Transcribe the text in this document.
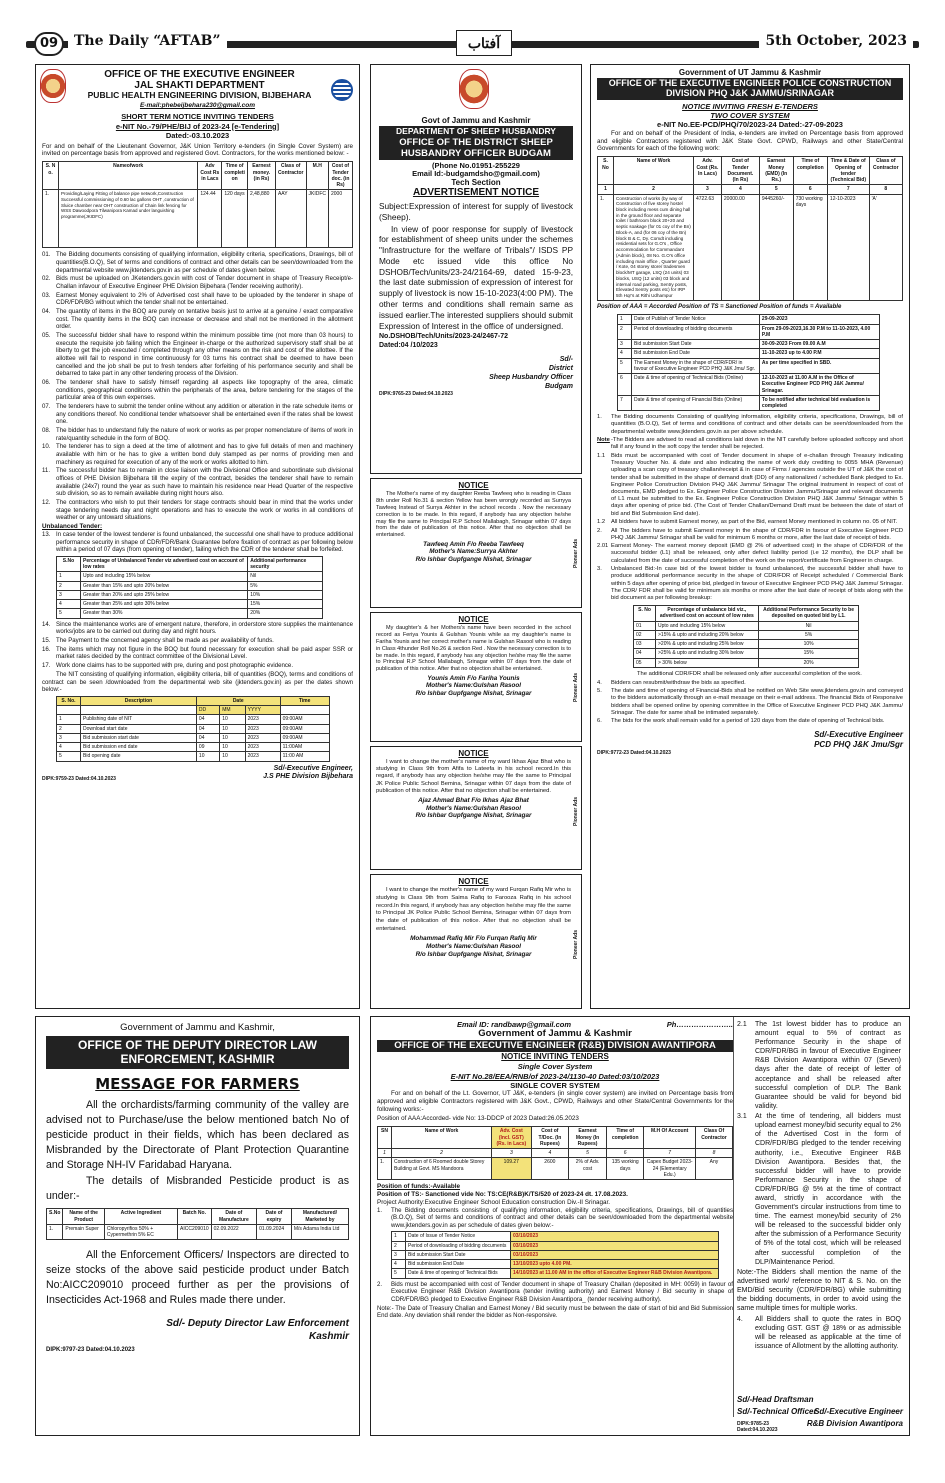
09	The Daily “AFTAB”	آفتاب	5th October, 2023
OFFICE OF THE EXECUTIVE ENGINEER
JAL SHAKTI DEPARTMENT
PUBLIC HEALTH ENGINEERING DIVISION, BIJBEHARA
E-mail:phebeijbehara230@gmail.com
SHORT TERM NOTICE INVITING TENDERS
e-NIT No.-79/PHE/BIJ of 2023-24 [e-Tendering]
Dated:-03.10.2023

For and on behalf of the Lieutenant Governor, J&K Union Territory e-tenders (in Single Cover System) are invited on percentage basis from approved and registered Govt. Contractors, for the works mentioned below: -

S. N o.	Nameofwork	Adv Cost Rs in Lacs	Time of completi on	Earnest money. (in Rs)	Class of Contractor	M.H	Cost of Tender doc. (in Rs)
1.	Providing/Laying Fitting of balance pipe network,Construction Successful commissioning of 0.60 lac gallons OHT ,construction of Sluice chamber near OHT construction of Chain link fencing for WSS Dawoodpora Tilwanipora Kamad under languishing programme(JKIDFC)	124.44	120 days	2,48,880	AAY	JKIDFC	2000
01. The Bidding documents consisting of qualifying information, eligibility criteria, specifications, Drawings, bill of quantities(B.O.Q), Set of terms and conditions of contract and other details can be seen/downloaded from the departmental website www.jktenders.gov.in as per schedule of dates given below.
02. Bids must be uploaded on JKetenders.gov.in with cost of Tender document in shape of Treasury Receipt/e-Challan infavour of Executive Engineer PHE Division Bijbehara (Tender receiving authority).
03. Earnest Money equivalent to 2% of Advertised cost shall have to be uploaded by the tenderer in shape of CDR/FDR/BG without which the tender shall not be entertained.
04. The quantity of items in the BOQ are purely on tentative basis just to arrive at a genuine / exact comparative cost. The quantity items in the BOQ can increase or decrease and shall not be mentioned in the allotment order.
05. The successful bidder shall have to respond within the minimum possible time (not more than 03 hours) to execute the requisite job failing which the Engineer in-charge or the authorized supervisory staff shall be at liberty to get the job executed / completed through any other means on the risk and cost of the allottee. If the allottee will fail to respond in time continuously for 03 turns his contract shall be deemed to have been cancelled and the job shall be put to fresh tenders after forfeiting of his performance security and shall be debarred to take part in any other tendering process of the Division.
06. The tenderer shall have to satisfy himself regarding all aspects like topography of the area, climatic conditions, geographical conditions within the peripherals of the area, before tendering for the stages of the particular area of this own expenses.
07. The tenderers have to submit the tender online without any addition or alteration in the rate schedule items or any conditions thereof. No conditional tender whatsoever shall be entertained even if the rates shall be lowest one.
08. The bidder has to understand fully the nature of work or works as per proper nomenclature of items of work in rate/quantity schedule in the form of BOQ.
10. The tenderer has to sign a deed at the time of allotment and has to give full details of men and machinery available with him or he has to give a written bond duly stamped as per norms of providing men and machinery as required for execution of any of the work or works allotted to him.
11. The successful bidder has to remain in close liaison with the Divisional Office and subordinate sub divisional offices of PHE Division Bijbehara till the expiry of the contract, besides the tenderer shall have to remain available (24x7) round the year as such have to maintain his residence near Head Quarter of the respective sub division, so as to remain available during night hours also.
12. The contractors who wish to put their tenders for stage contracts should bear in mind that the works under stage tendering needs day and night operations and has to execute the work or works in all conditions of weather or any untoward situations.
Unbalanced Tender:
13. In case tender of the lowest tenderer is found unbalanced, the successful one shall have to produce additional performance security in shape of CDR/FDR/Bank Guarantee before fixation of contract as per following below within a period of 07 days (from opening of tender), failing which the CDR of the tenderer shall be forfeited.
S.No	Percentage of Unbalanced Tender viz advertised cost on account of low rates	Additional performance security
1	Upto and including 15% below	Nil
2	Greater than 15% and upto 20% below	5%
3	Greater than 20% and upto 25% below	10%
4	Greater than 25% and upto 30% below	15%
5	Greater than 30%	20%
14. Since the maintenance works are of emergent nature, therefore, in orderstore store supplies the maintenance works/jobs are to be carried out during day and night hours.
15. The Payment to the concerned agency shall be made as per availability of funds.
16. The items which may not figure in the BOQ but found necessary for execution shall be paid asper SSR or market rates decided by the contract committee of the Divisional Level.
17. Work done claims has to be supported with pre, during and post photographic evidence.

The NIT consisting of qualifying information, eligibility criteria, bill of quantities (BOQ), terms and conditions of contract can be seen /downloaded from the departmental web site (jktenders.gov.in) as per the dates shown below:-

S. No.	Description	Date			Time
		DD	MM	YYYY	
1	Publishing date of NIT	04	10	2023	09:00AM
2	Download start date	04	10	2023	09:00AM
3	Bid submission start date	04	10	2023	09:00AM
4	Bid submission end date	09	10	2023	11:00AM
5	Bid opening date	10	10	2023	11:00 AM
DIPK:9759-23 Dated:04.10.2023
Sd/-Executive Engineer,
J.S PHE Division Bijbehara
Govt of Jammu and Kashmir
DEPARTMENT OF SHEEP HUSBANDRY
OFFICE OF THE DISTRICT SHEEP HUSBANDRY OFFICER BUDGAM
(Phone No.01951-255229
Email Id:-budgamdsho@gmail.com)
Tech Section
ADVERTISEMENT NOTICE

Subject:Expression of interest for supply of livestock (Sheep).

In view of poor response for supply of livestock for establishment of sheep units under the schemes "Infrastructure for the welfare of Tribals"/ ISDS PP Mode etc issued vide this office No DSHOB/Tech/units/23-24/2164-69, dated 15-9-23, the last date submission of expression of interest for supply of livestock is now 15-10-2023(4:00 PM). The other terms and conditions shall remain same as issued earlier.The interested suppliers should submit Expression of Interest in the office of undersigned.

No.DSHOB/Tech/Units/2023-24/2467-72
Dated:04 /10/2023
Sd/-
District
Sheep Husbandry Officer
Budgam
DIPK:9765-23 Dated:04.10.2023
NOTICE

The Mother's name of my daughter Reeba Tawfeeq who is reading in Class 8th under Roll No.31 & section Yellow has been wrongly recorded as Surryya Tawfeeq Instead of Surrya Akhter in the school records . Now the necessary correction is to be made. In this regard, if anybody has any objection he/she may file the same to Principal R.P School Mallabagh, Srinagar within 07 days from the date of publication of this notice. After that no objection shall be entertained.

Tawfeeq Amin F/o Reeba Tawfeeq
Mother's Name:Surrya Akhter
R/o Ishbar Gupfgange Nishat, Srinagar	Pioneer Ads
NOTICE

My daughter's & her Mothers's name have been recorded in the school record as Feriya Younis & Gulshan Younis while as my daughter's name is Fariha Younis and her correct mother's name is Gulshan Rasool who is reading in Class 4thunder Roll No.26 & section Red . Now the necessary correction is to be made. In this regard, if anybody has any objection he/she may file the same to Principal R.P School Mallabagh, Srinagar within 07 days from the date of publication of this notice. After that no objection shall be entertained.

Younis Amin F/o Fariha Younis
Mother's Name:Gulshan Rasool
R/o Ishbar Gupfgange Nishat, Srinagar	Pioneer Ads
NOTICE

I want to change the mother's name of my ward Ikhas Ajaz Bhat who is studying in Class 9th from Afifa to Lateefa in his school record.In this regard, if anybody has any objection he/she may file the same to Principal JK Police Public School Bemina, Srinagar within 07 days from the date of publication of this notice. After that no objection shall be entertained.

Ajaz Ahmad Bhat F/o Ikhas Ajaz Bhat
Mother's Name:Gulshan Rasool
R/o Ishbar Gupfgange Nishat, Srinagar	Pioneer Ads
NOTICE

I want to change the mother's name of my ward Furqan Rafiq Mir who is studying is Class 9th from Saima Rafiq to Farooza Rafiq in his school record.In this regard, if anybody has any objection he/she may file the same to Principal JK Police Public School Bemina, Srinagar within 07 days from the date of publication of this notice. After that no objection shall be entertained.

Mohammad Rafiq Mir F/o Furqan Rafiq Mir
Mother's Name:Gulshan Rasool
R/o Ishbar Gupfgange Nishat, Srinagar	Pioneer Ads
Government of UT Jammu & Kashmir
OFFICE OF THE EXECUTIVE ENGINEER POLICE CONSTRUCTION DIVISION PHQ J&K JAMMU/SRINAGAR
NOTICE INVITING FRESH E-TENDERS
TWO COVER SYSTEM
e-NIT No.EE-PCD/PHQ/70/2023-24 Dated:-27-09-2023

For and on behalf of the President of India, e-tenders are invited on Percentage basis from approved and eligible Contractors registered with J&K State Govt. CPWD, Railways and other State/Central Governments for each of the following work:

S. No	Name of Work	Adv. Cost (Rs. In Lacs)	Cost of Tender Document. (In Rs)	Earnest Money (EMD) (In Rs.)	Time of completion	Time & Date of Opening of tender (Technical Bid)	Class of Contractor
1	2	3	4	5	6	7	8
1.	Construction of works (by way of Construction of five storey hostel block including mess cum dining hall in the ground floor and separate toilet / bathroom block 20+20 and septic soakage (for 01 coy of the Bn) Block-A, and (for 06 coy of the Bn) block B & C, Dy. Comdt including residential sets for G.O's , Office accommodation for Commandant (Admin block), 08 No. G.O's office including main office , Quarter guard / Kote, 04 storey store/ tradesmen block/MT garage, LSQ (24 units) 03 blocks, USQ (12 units) 03 block and internal road parking, Sentry posts, Elevated Sentry posts etc) for IRP 5th Hqr's at Rithi Udhampur	4722.63	20000.00	9445260/-	730 working days	12-10-2023	'A'
Position of AAA = Accorded Position of TS = Sanctioned Position of funds = Available
1	Date of Publish of Tender Notice	29-09-2023
2	Period of downloading of bidding documents	From 29-09-2023,16.30 P.M to 11-10-2023, 4.00 P.M
3	Bid submission Start Date	30-09-2023 From 09.00 A.M
4	Bid submission End Date	11-10-2023 up to 4.00 P.M
5	The Earnest Money in the shape of CDR/FDR/ in favour of Executive Engineer PCD PHQ J&K Jmu/ Sgr.	As per time specified in SBD.
6	Date & time of opening of Technical Bids (Online)	12-10-2023 at 11.00 A.M in the Office of Executive Engineer PCD PHQ J&K Jammu/ Srinagar.
7	Date & time of opening of Financial Bids (Online)	To be notified after technical bid evaluation is completed
1.	The Bidding documents Consisting of qualifying information, eligibility criteria, specifications, Drawings, bill of quantities (B.O.Q), Set of terms and conditions of contract and other details can be seen/downloaded from the departmental website www.jktenders.gov.in as per above schedule.
Note -The Bidders are advised to read all conditions laid down in the NIT carefully before uploaded softcopy and short fall if any found in the soft copy the tender shall be rejected.
1.1	Bids must be accompanied with cost of Tender document in shape of e-challan through Treasury indicating Treasury Voucher No. & date and also indicating the name of work duly crediting to 0055 MHA (Revenue) uploading a scan copy of treasury challan/receipt & in case of Firms / agencies outside the UT of J&K the cost of tender shall be submitted in the shape of demand draft (DD) of any nationalized / scheduled Bank pledged to Ex. Engineer Police Construction Division PHQ J&K Jammu/ Srinagar The original instrument in respect of cost of documents, EMD pledged to Ex. Engineer Police Construction Division Jammu/Srinagar and relevant documents of L1 must be submitted to the Ex. Engineer Police Construction Division PHQ J&K Jammu/ Srinagar within 5 days after opening of price bid. (The Cost of Tender Challan/Demand Draft must be between the date of start of bid and Bid Submission End date).
1.2	All bidders have to submit Earnest money, as part of the Bid, earnest Money mentioned in column no. 05 of NIT.
2.	All The bidders have to submit Earnest money in the shape of CDR/FDR in favour of Executive Engineer PCD PHQ J&K Jammu/ Srinagar shall be valid for minimum 6 months or more, after the last date of receipt of bids.
2.01 Earnest Money- The earnest money deposit (EMD @ 2% of advertised cost) in the shape of CDR/FDR of the successful bidder (L1) shall be released, only after defect liability period (i.e 12 months), the DLP shall be calculated from the date of successful completion of the work on the report/certificate from Engineer in charge.
3.	Unbalanced Bid:-In case bid of the lowest bidder is found unbalanced, the successful bidder shall have to produce additional performance security in the shape of CDR/FDR of Receipt scheduled / Commercial Bank within 5 days after opening of price bid, pledged in favour of Executive Engineer PCD PHQ J&K Jammu/ Srinagar. The CDR/ FDR shall be valid for minimum six months or more after the last date of receipt of bids along with the bid document as per following breakup:
S. No	Percentage of unbalance bid viz., advertised cost on account of low rates	Additional Performance Security to be deposited on quoted bid by L1.
01	Upto and including 15% below	Nil
02	>15% & upto and including 20% below	5%
03	>20% & upto and including 25% below	10%
04	>25% & upto and including 30% below	15%
05	> 30% below	20%

The additional CDR/FDR shall be released only after successful completion of the work.

4.	Bidders can resubmit/withdraw the bids as specified.
5.	The date and time of opening of Financial-Bids shall be notified on Web Site www.jktenders.gov.in and conveyed to the bidders automatically through an e-mail message on their e-mail address. The financial Bids of Responsive bidders shall be opened online by opening committee in the Office of Executive Engineer PCD PHQ J&K Jammu/ Srinagar. The date for same shall be intimated separately.
6.	The bids for the work shall remain valid for a period of 120 days from the date of opening of Technical bids.
Sd/-Executive Engineer
PCD PHQ J&K Jmu/Sgr
DIPK:9772-23 Dated:04.10.2023
Government of Jammu and Kashmir,
OFFICE OF THE DEPUTY DIRECTOR LAW ENFORCEMENT, KASHMIR
MESSAGE FOR FARMERS

All the orchardists/farming community of the valley are advised not to Purchase/use the below mentioned batch No of pesticide product in their fields, which has been declared as Misbranded by the Directorate of Plant Protection Quarantine and Storage NH-IV Faridabad Haryana.

The details of Misbranded Pesticide product is as under:-

S.No	Name of the Product	Active Ingredient	Batch No.	Date of Manufacture	Date of expiry	Manufactured/ Marketed by
1.	Premain Super	Chloropyrifios 50% + Cypermethrin 5% EC	AICC209010	02.09.2022	01.09.2024	M/s Adama India Ltd

All the Enforcement Officers/ Inspectors are directed to seize stocks of the above said pesticide product under Batch No:AICC209010 proceed further as per the provisions of Insecticides Act-1968 and Rules made there under.

Sd/- Deputy Director Law Enforcement
Kashmir
DIPK:9797-23 Dated:04.10.2023
Email ID: randbawp@gmail.com	Ph…………………..
Government of Jammu & Kashmir
OFFICE OF THE EXECUTIVE ENGINEER (R&B) DIVISION AWANTIPORA
NOTICE INVITING TENDERS
Single Cover System
E-NIT No.28/EEA/RNB/of 2023-24/1130-40 Dated:03/10/2023
SINGLE COVER SYSTEM

For and on behalf of the Lt. Governor, UT J&K, e-tenders (in single cover system) are invited on Percentage basis from approved and eligible Contractors registered with J&K Govt., CPWD, Railways and other State/Central Governments for the following works:-

Position of AAA:Accorded- vide No: 13-DDCP of 2023 Dated:26.05.2023
SN	Name of Work	Adv. Cost (Incl. GST) (Rs. in Lacs)	Cost of T/Doc. (In Rupees)	Earnest Money (In Rupees)	Time of completion	M.H Of Account	Class Of Contractor
1	2	3	4	5	6	7	8
1.	Construction of 6 Roomed double Storey Building at Govt. MS Mandoora	109.27	2600	2% of Adv. cost	135 working days	Capex Budget 2023-24 (Elementary Edu.)	Any
Position of funds:-Available
Position of TS:- Sanctioned vide No: TS:CE(R&B)K/TS/520 of 2023-24 dt. 17.08.2023.
Project Authority:Executive Engineer School Education construction Div.-II Srinagar.
1.	The Bidding documents consisting of qualifying information, eligibility criteria, specifications, Drawings, bill of quantities (B.O.Q), Set of terms and conditions of contract and other details can be seen/downloaded from the departmental website www.jktenders.gov.in as per schedule of dates given below:-
1	Date of Issue of Tender Notice	03/10/2023
2	Period of downloading of bidding documents	03/10/2023
3	Bid submission Start Date	03/10/2023
4	Bid submission End Date	13/10/2023 upto 4.00 PM.
5	Date & time of opening of Technical Bids	14/10/2023 at 11.00 AM in the office of Executive Engineer R&B Division Awantipora.
2.	Bids must be accompanied with cost of Tender document in shape of Treasury Challan (deposited in MH: 0059) in favour of Executive Engineer R&B Division Awantipora (tender inviting authority) and Earnest Money / Bid security in shape of CDR/FDR/BG pledged to Executive Engineer R&B Division Awantipora_ (tender receiving authority).

Note:- The Date of Treasury Challan and Earnest Money / Bid security must be between the date of start of bid and Bid Submission End date. Any deviation shall render the bidder as Non-responsive.

2.1	The 1st lowest bidder has to produce an amount equal to 5% of contract as Performance Security in the shape of CDR/FDR/BG in favour of Executive Engineer R&B Division Awantipora within 07 (Seven) days after the date of receipt of letter of acceptance and shall be released after successful completion of DLP. The Bank Guarantee should be valid for beyond bid validity.
3.1	At the time of tendering, all bidders must upload earnest money/bid security equal to 2% of the Advertised Cost in the form of CDR/FDR/BG pledged to the tender receiving authority, i.e., Executive Engineer R&B Division Awantipora. Besides that, the successful bidder will have to provide Performance Security in the shape of CDR/FDR/BG @ 5% at the time of contract award, strictly in accordance with the Government's circular instructions from time to time. The earnest money/bid security of 2% will be released to the successful bidder only after the submission of a Performance Security of 5% of the total cost, which will be released after successful completion of the DLP/Maintenance Period.
Note:-The Bidders shall mention the name of the advertised work/ reference to NIT & S. No. on the EMD/Bid security (CDR/FDR/BG) while submitting the bidding documents, in order to avoid using the same multiple times for multiple works.
4.	All Bidders shall to quote the rates in BOQ excluding GST. GST @ 18% or as admissible will be released as applicable at the time of issuance of Allotment by the allotting authority.
Sd/-Head Draftsman
Sd/-Technical Officer
Sd/-Executive Engineer
R&B Division Awantipora
DIPK:9785-23 Dated:04.10.2023
